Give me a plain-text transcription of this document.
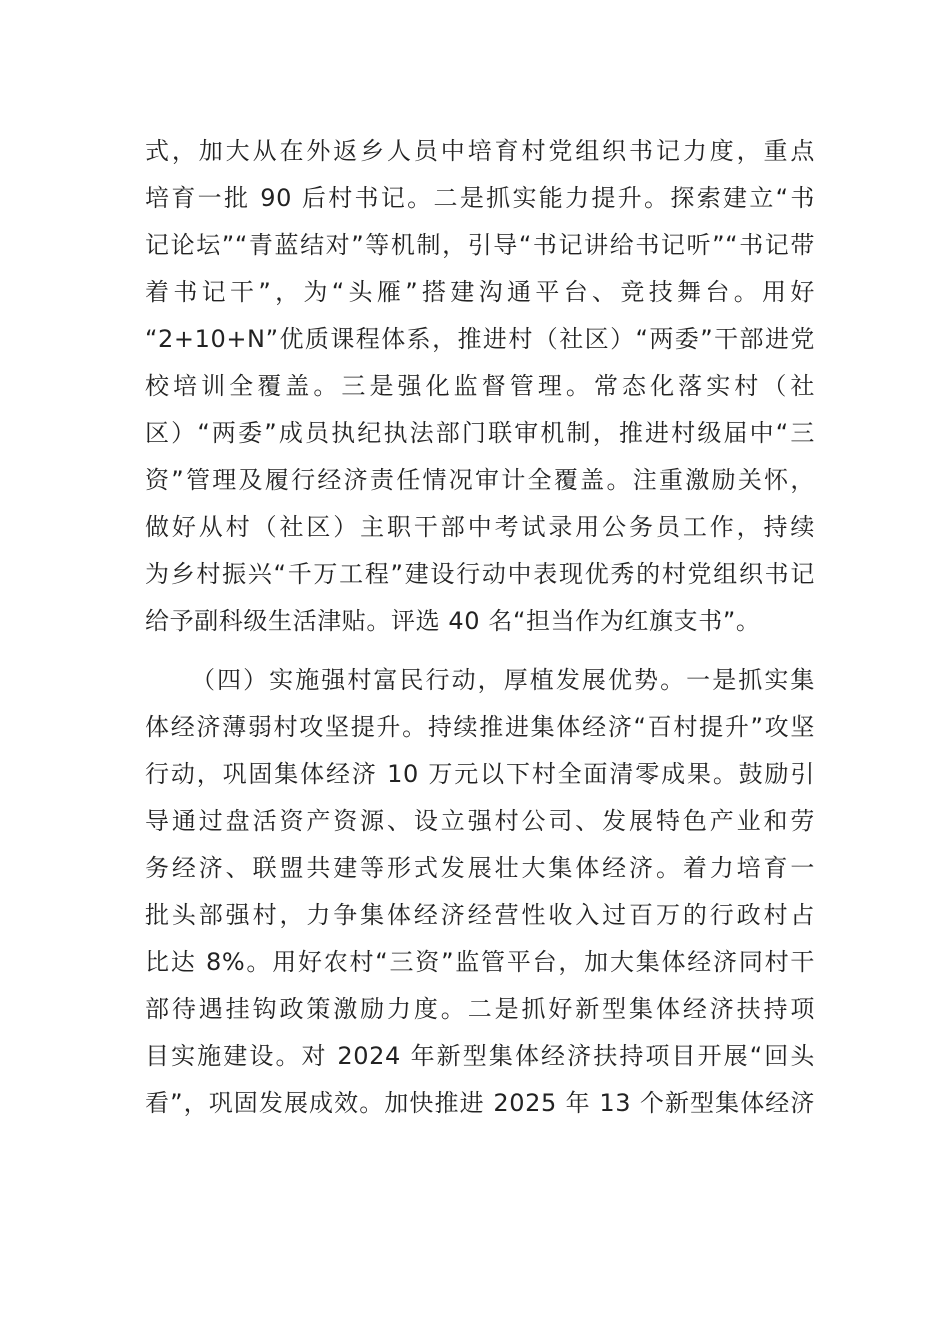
式，加大从在外返乡人员中培育村党组织书记力度，重点
培育一批 90 后村书记。二是抓实能力提升。探索建立“书
记论坛”“青蓝结对”等机制，引导“书记讲给书记听”“书记带
着书记干”，为“头雁”搭建沟通平台、竞技舞台。用好
“2+10+N”优质课程体系，推进村（社区）“两委”干部进党
校培训全覆盖。三是强化监督管理。常态化落实村（社
区）“两委”成员执纪执法部门联审机制，推进村级届中“三
资”管理及履行经济责任情况审计全覆盖。注重激励关怀，
做好从村（社区）主职干部中考试录用公务员工作，持续
为乡村振兴“千万工程”建设行动中表现优秀的村党组织书记
给予副科级生活津贴。评选 40 名“担当作为红旗支书”。
（四）实施强村富民行动，厚植发展优势。一是抓实集
体经济薄弱村攻坚提升。持续推进集体经济“百村提升”攻坚
行动，巩固集体经济 10 万元以下村全面清零成果。鼓励引
导通过盘活资产资源、设立强村公司、发展特色产业和劳
务经济、联盟共建等形式发展壮大集体经济。着力培育一
批头部强村，力争集体经济经营性收入过百万的行政村占
比达 8%。用好农村“三资”监管平台，加大集体经济同村干
部待遇挂钩政策激励力度。二是抓好新型集体经济扶持项
目实施建设。对 2024 年新型集体经济扶持项目开展“回头
看”，巩固发展成效。加快推进 2025 年 13 个新型集体经济
